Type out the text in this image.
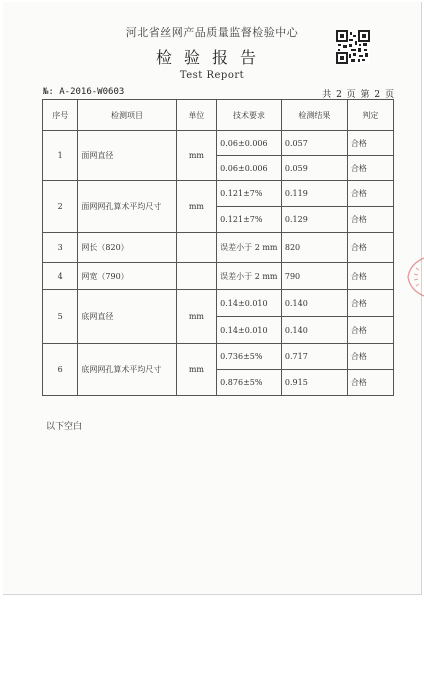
河北省丝网产品质量监督检验中心
检验报告
Test Report
№: A-2016-W0603	共 2 页 第 2 页
序号	检测项目	单位	技术要求	检测结果	判定
1	面网直径	mm	0.06±0.006	0.057	合格
			0.06±0.006	0.059	合格
2	面网网孔算术平均尺寸	mm	0.121±7%	0.119	合格
			0.121±7%	0.129	合格
3	网长（820）		误差小于 2 mm	820	合格
4	网宽（790）		误差小于 2 mm	790	合格
5	底网直径	mm	0.14±0.010	0.140	合格
			0.14±0.010	0.140	合格
6	底网网孔算术平均尺寸	mm	0.736±5%	0.717	合格
			0.876±5%	0.915	合格
以下空白
